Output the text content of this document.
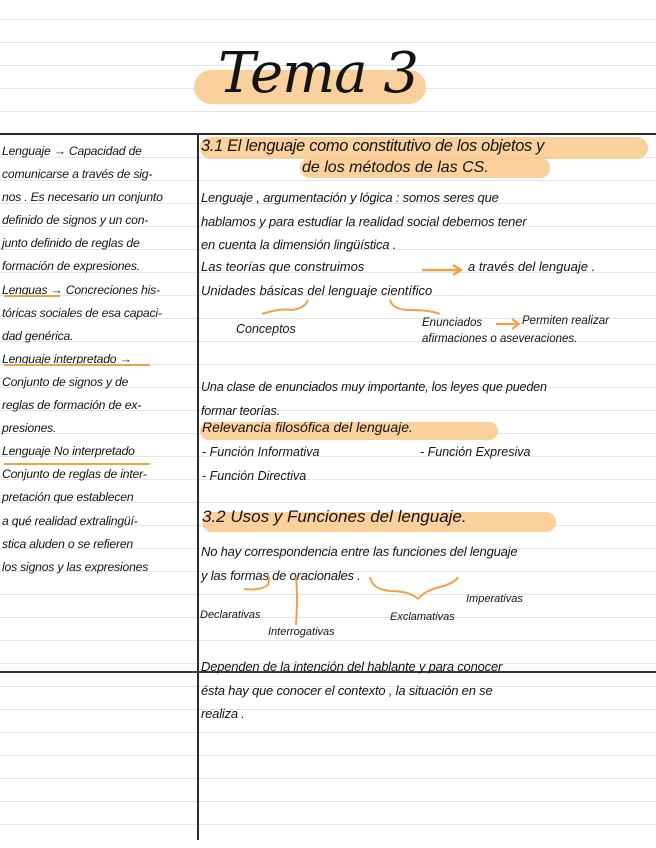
Tema 3
Lenguaje → Capacidad de
comunicarse a través de sig-
nos . Es necesario un conjunto
definido de signos y un con-
junto definido de reglas de
formación de expresiones.
Lenguas → Concreciones his-
tóricas sociales de esa capaci-
dad genérica.
Lenguaje interpretado →
Conjunto de signos y de
reglas de formación de ex-
presiones.
Lenguaje No interpretado
Conjunto de reglas de inter-
pretación que establecen
a qué realidad extralingüí-
stica aluden o se refieren
los signos y las expresiones
3.1 El lenguaje como constitutivo de los objetos y
de los métodos de las CS.
Lenguaje , argumentación y lógica : somos seres que
hablamos y para estudiar la realidad social debemos tener
en cuenta la dimensión lingüística .
Las teorías que construimos	a través del lenguaje .
Unidades básicas del lenguaje científico
Conceptos	Enunciados	Permiten realizar
afirmaciones o aseveraciones.
Una clase de enunciados muy importante, los leyes que pueden
formar teorías.
Relevancia filosófica del lenguaje.
- Función Informativa	- Función Expresiva
- Función Directiva
3.2 Usos y Funciones del lenguaje.
No hay correspondencia entre las funciones del lenguaje
y las formas de oracionales .
Declarativas
Interrogativas
Exclamativas
Imperativas
Dependen de la intención del hablante y para conocer
ésta hay que conocer el contexto , la situación en se
realiza .
